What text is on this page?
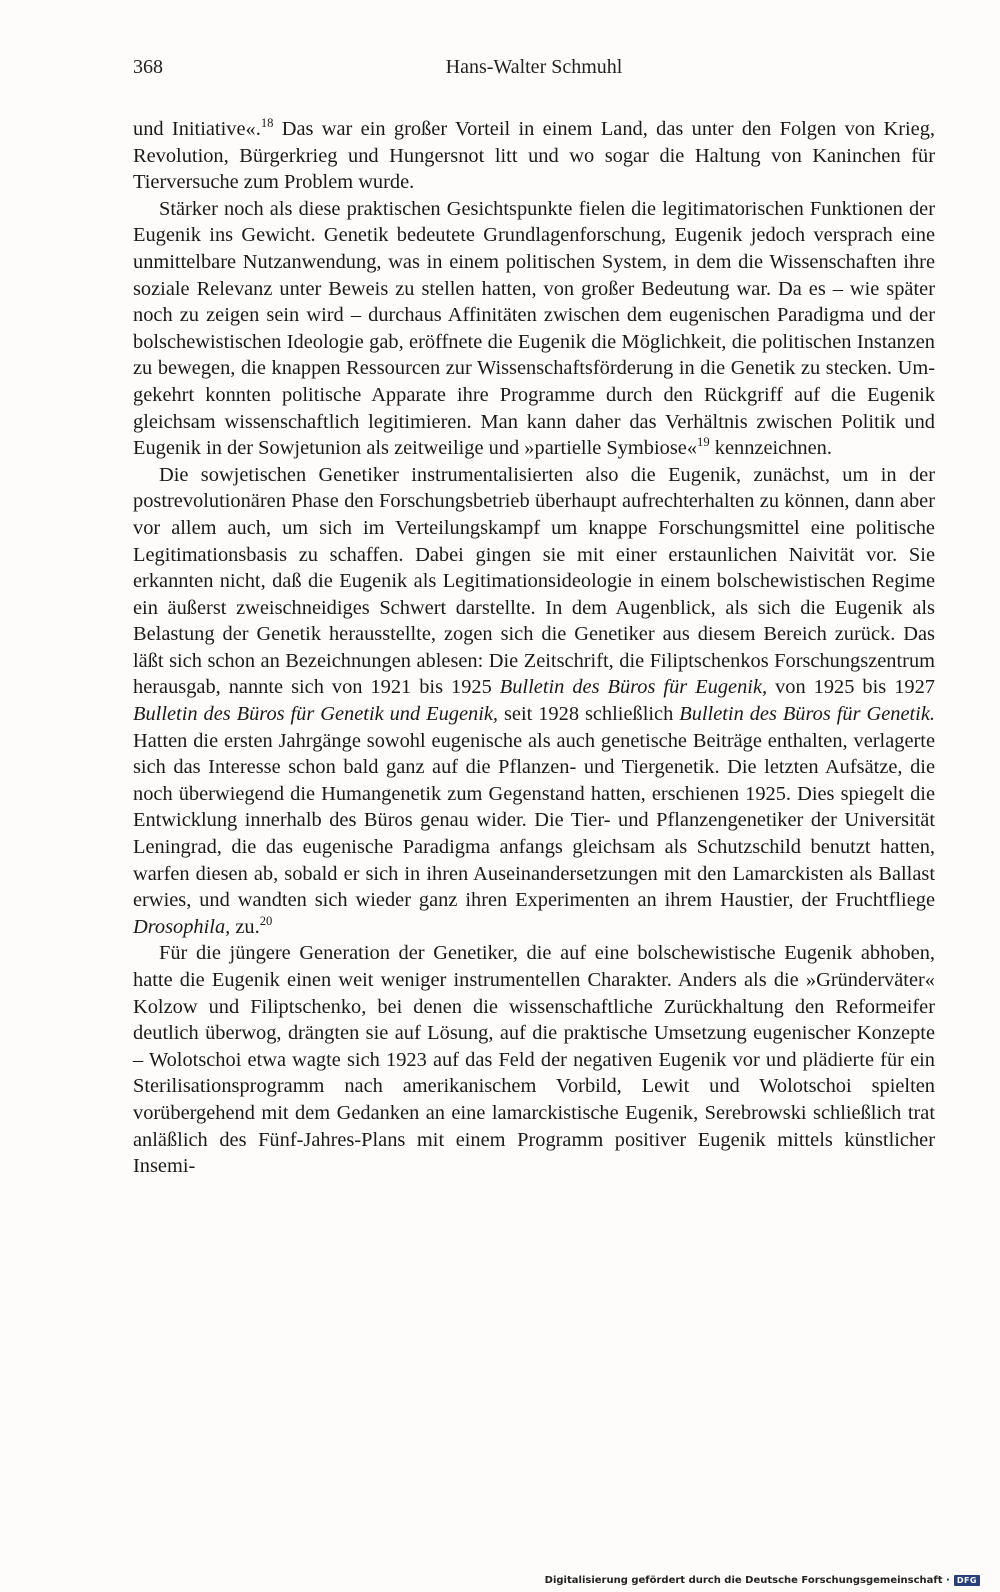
368	Hans-Walter Schmuhl

und Initiative«.$^{18}$ Das war ein großer Vorteil in einem Land, das unter den Folgen von Krieg, Revolution, Bürgerkrieg und Hungersnot litt und wo sogar die Haltung von Kaninchen für Tierversuche zum Problem wurde.

Stärker noch als diese praktischen Gesichtspunkte fielen die legitimatorischen Funktionen der Eugenik ins Gewicht. Genetik bedeutete Grundlagenforschung, Eugenik jedoch versprach eine unmittelbare Nutzanwendung, was in einem politischen System, in dem die Wissenschaften ihre soziale Relevanz unter Beweis zu stellen hatten, von großer Bedeutung war. Da es – wie später noch zu zeigen sein wird – durchaus Affinitäten zwischen dem eugenischen Paradigma und der bolschewistischen Ideologie gab, eröffnete die Eugenik die Möglichkeit, die politischen Instanzen zu bewegen, die knappen Ressourcen zur Wissenschaftsförderung in die Genetik zu stecken. Umgekehrt konnten politische Apparate ihre Programme durch den Rückgriff auf die Eugenik gleichsam wissenschaftlich legitimieren. Man kann daher das Verhältnis zwischen Politik und Eugenik in der Sowjetunion als zeitweilige und »partielle Symbiose«$^{19}$ kennzeichnen.

Die sowjetischen Genetiker instrumentalisierten also die Eugenik, zunächst, um in der postrevolutionären Phase den Forschungsbetrieb überhaupt aufrechterhalten zu können, dann aber vor allem auch, um sich im Verteilungskampf um knappe Forschungsmittel eine politische Legitimationsbasis zu schaffen. Dabei gingen sie mit einer erstaunlichen Naivität vor. Sie erkannten nicht, daß die Eugenik als Legitimationsideologie in einem bolschewistischen Regime ein äußerst zweischneidiges Schwert darstellte. In dem Augenblick, als sich die Eugenik als Belastung der Genetik herausstellte, zogen sich die Genetiker aus diesem Bereich zurück. Das läßt sich schon an Bezeichnungen ablesen: Die Zeitschrift, die Filiptschenkos Forschungszentrum herausgab, nannte sich von 1921 bis 1925 Bulletin des Büros für Eugenik, von 1925 bis 1927 Bulletin des Büros für Genetik und Eugenik, seit 1928 schließlich Bulletin des Büros für Genetik. Hatten die ersten Jahrgänge sowohl eugenische als auch genetische Beiträge enthalten, verlagerte sich das Interesse schon bald ganz auf die Pflanzen- und Tiergenetik. Die letzten Aufsätze, die noch überwiegend die Humangenetik zum Gegenstand hatten, erschienen 1925. Dies spiegelt die Entwicklung innerhalb des Büros genau wider. Die Tier- und Pflanzengenetiker der Universität Leningrad, die das eugenische Paradigma anfangs gleichsam als Schutzschild benutzt hatten, warfen diesen ab, sobald er sich in ihren Auseinandersetzungen mit den Lamarckisten als Ballast erwies, und wandten sich wieder ganz ihren Experimenten an ihrem Haustier, der Fruchtfliege Drosophila, zu.$^{20}$

Für die jüngere Generation der Genetiker, die auf eine bolschewistische Eugenik abhoben, hatte die Eugenik einen weit weniger instrumentellen Charakter. Anders als die »Gründerväter« Kolzow und Filiptschenko, bei denen die wissenschaftliche Zurückhaltung den Reformeifer deutlich überwog, drängten sie auf Lösung, auf die praktische Umsetzung eugenischer Konzepte – Wolotschoi etwa wagte sich 1923 auf das Feld der negativen Eugenik vor und plädierte für ein Sterilisationsprogramm nach amerikanischem Vorbild, Lewit und Wolotschoi spielten vorübergehend mit dem Gedanken an eine lamarckistische Eugenik, Serebrowski schließlich trat anläßlich des Fünf-Jahres-Plans mit einem Programm positiver Eugenik mittels künstlicher Insemi-

Digitalisierung gefördert durch die Deutsche Forschungsgemeinschaft · DFG
